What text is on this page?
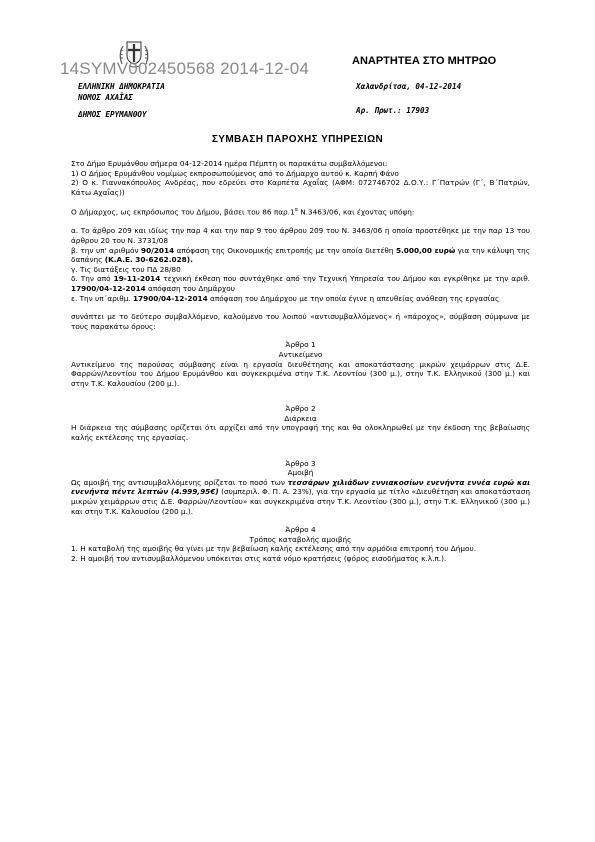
14SYMV002450568 2014-12-04	ΑΝΑΡΤΗΤΕΑ ΣΤΟ ΜΗΤΡΩΟ
ΕΛΛΗΝΙΚΗ ΔΗΜΟΚΡΑΤΙΑ
ΝΟΜΟΣ ΑΧΑΪΑΣ
ΔΗΜΟΣ ΕΡΥΜΑΝΘΟΥ
Χαλανδρίτσα, 04-12-2014
Αρ. Πρωτ.: 17903
ΣΥΜΒΑΣΗ ΠΑΡΟΧΗΣ ΥΠΗΡΕΣΙΩΝ

Στο Δήμο Ερυμάνθου σήμερα 04-12-2014 ημέρα Πέμπτη οι παρακάτω συμβαλλόμενοι:

1) Ο Δήμος Ερυμάνθου νομίμως εκπροσωπούμενος από το Δήμαρχο αυτού κ. Καρπή Φάνο

2) Ο κ. Γιαννακόπουλος Ανδρέας, που εδρεύει στο Καρπέτα Αχαΐας (ΑΦΜ: 072746702 Δ.Ο.Υ.: Γ΄Πατρών (Γ΄, Β΄Πατρών, Κάτω Αχαΐας))

Ο Δήμαρχος, ως εκπρόσωπος του Δήμου, βάσει του 86 $\pi\alpha\rho.1^\alpha$ Ν.3463/06, και έχοντας υπόψη:

α. Το άρθρο 209 και ιδίως την παρ 4 και την παρ 9 του άρθρου 209 του Ν. 3463/06 η οποία προστέθηκε με την παρ 13 του άρθρου 20 του Ν. 3731/08

β. την υπ' αριθμόν 90/2014 απόφαση της Οικονομικής επιτροπής με την οποία διετέθη 5.000,00 ευρώ για την κάλυψη της δαπάνης (Κ.Α.Ε. 30-6262.028).

γ. Τις διατάξεις του ΠΔ 28/80

δ. Την από 19-11-2014 τεχνική έκθεση που συντάχθηκε από την Τεχνική Υπηρεσία του Δήμου και εγκρίθηκε με την αριθ. 17900/04-12-2014 απόφαση του Δημάρχου

ε. Την υπ΄αριθμ. 17900/04-12-2014 απόφαση του Δημάρχου με την οποία έγινε η απευθείας ανάθεση της εργασίας

συνάπτει με το δεύτερο συμβαλλόμενο, καλούμενο του λοιπού «αντισυμβαλλόμενος» ή «πάροχος», σύμβαση σύμφωνα με τους παρακάτω όρους:

Άρθρο 1

Αντικείμενο

Αντικείμενο της παρούσας σύμβασης είναι η εργασία διευθέτησης και αποκατάστασης μικρών χειμάρρων στις Δ.Ε. Φαρρών/Λεοντίου του Δήμου Ερυμάνθου και συγκεκριμένα στην Τ.Κ. Λεοντίου (300 μ.), στην Τ.Κ. Ελληνικού (300 μ.) και στην Τ.Κ. Καλουσίου (200 μ.).

Άρθρο 2

Διάρκεια

Η διάρκεια της σύμβασης ορίζεται ότι αρχίζει από την υπογραφή της και θα ολοκληρωθεί με την έκδοση της βεβαίωσης καλής εκτέλεσης της εργασίας.

Άρθρο 3

Αμοιβή

Ως αμοιβή της αντισυμβαλλόμενης ορίζεται το ποσό των τεσσάρων χιλιάδων εννιακοσίων ενενήντα εννέα ευρώ και ενενήντα πέντε λεπτών (4.999,95€) (συμπεριλ. Φ. Π. Α. 23%), για την εργασία με τίτλο «Διευθέτηση και αποκατάσταση μικρών χειμάρρων στις Δ.Ε. Φαρρών/Λεοντίου» και συγκεκριμένα στην Τ.Κ. Λεοντίου (300 μ.), στην Τ.Κ. Ελληνικού (300 μ.) και στην Τ.Κ. Καλουσίου (200 μ.).

Άρθρο 4

Τρόπος καταβολής αμοιβής

1. Η καταβολή της αμοιβής θα γίνει με την βεβαίωση καλής εκτέλεσης από την αρμόδια επιτροπή του Δήμου.

2. Η αμοιβή του αντισυμβαλλόμενου υπόκειται στις κατά νόμο κρατήσεις (φόρος εισοδήματος κ.λ.π.).
